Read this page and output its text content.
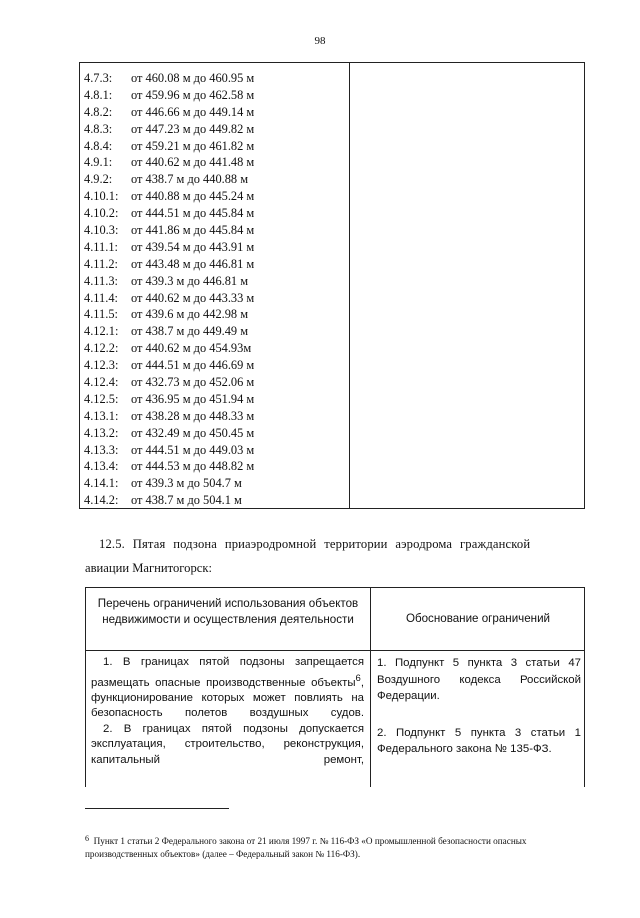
98
4.7.3: от 460.08 м до 460.95 м
4.8.1: от 459.96 м до 462.58 м
4.8.2: от 446.66 м до 449.14 м
4.8.3: от 447.23 м до 449.82 м
4.8.4: от 459.21 м до 461.82 м
4.9.1: от 440.62 м до 441.48 м
4.9.2: от 438.7 м до 440.88 м
4.10.1: от 440.88 м до 445.24 м
4.10.2: от 444.51 м до 445.84 м
4.10.3: от 441.86 м до 445.84 м
4.11.1: от 439.54 м до 443.91 м
4.11.2: от 443.48 м до 446.81 м
4.11.3: от 439.3 м до 446.81 м
4.11.4: от 440.62 м до 443.33 м
4.11.5: от 439.6 м до 442.98 м
4.12.1: от 438.7 м до 449.49 м
4.12.2: от 440.62 м до 454.93м
4.12.3: от 444.51 м до 446.69 м
4.12.4: от 432.73 м до 452.06 м
4.12.5: от 436.95 м до 451.94 м
4.13.1: от 438.28 м до 448.33 м
4.13.2: от 432.49 м до 450.45 м
4.13.3: от 444.51 м до 449.03 м
4.13.4: от 444.53 м до 448.82 м
4.14.1: от 439.3 м до 504.7 м
4.14.2: от 438.7 м до 504.1 м
12.5. Пятая подзона приаэродромной территории аэродрома гражданской
авиации Магнитогорск:
Перечень ограничений использования объектов недвижимости и осуществления деятельности	Обоснование ограничений

1. В границах пятой подзоны запрещается размещать опасные производственные объекты$^6$, функционирование которых может повлиять на безопасность полетов воздушных судов.

2. В границах пятой подзоны допускается эксплуатация, строительство, реконструкция, капитальный ремонт,

1. Подпункт 5 пункта 3 статьи 47 Воздушного кодекса Российской Федерации.

2. Подпункт 5 пункта 3 статьи 1 Федерального закона № 135-ФЗ.

$^6$ Пункт 1 статьи 2 Федерального закона от 21 июля 1997 г. № 116-ФЗ «О промышленной безопасности опасных производственных объектов» (далее – Федеральный закон № 116-ФЗ).
